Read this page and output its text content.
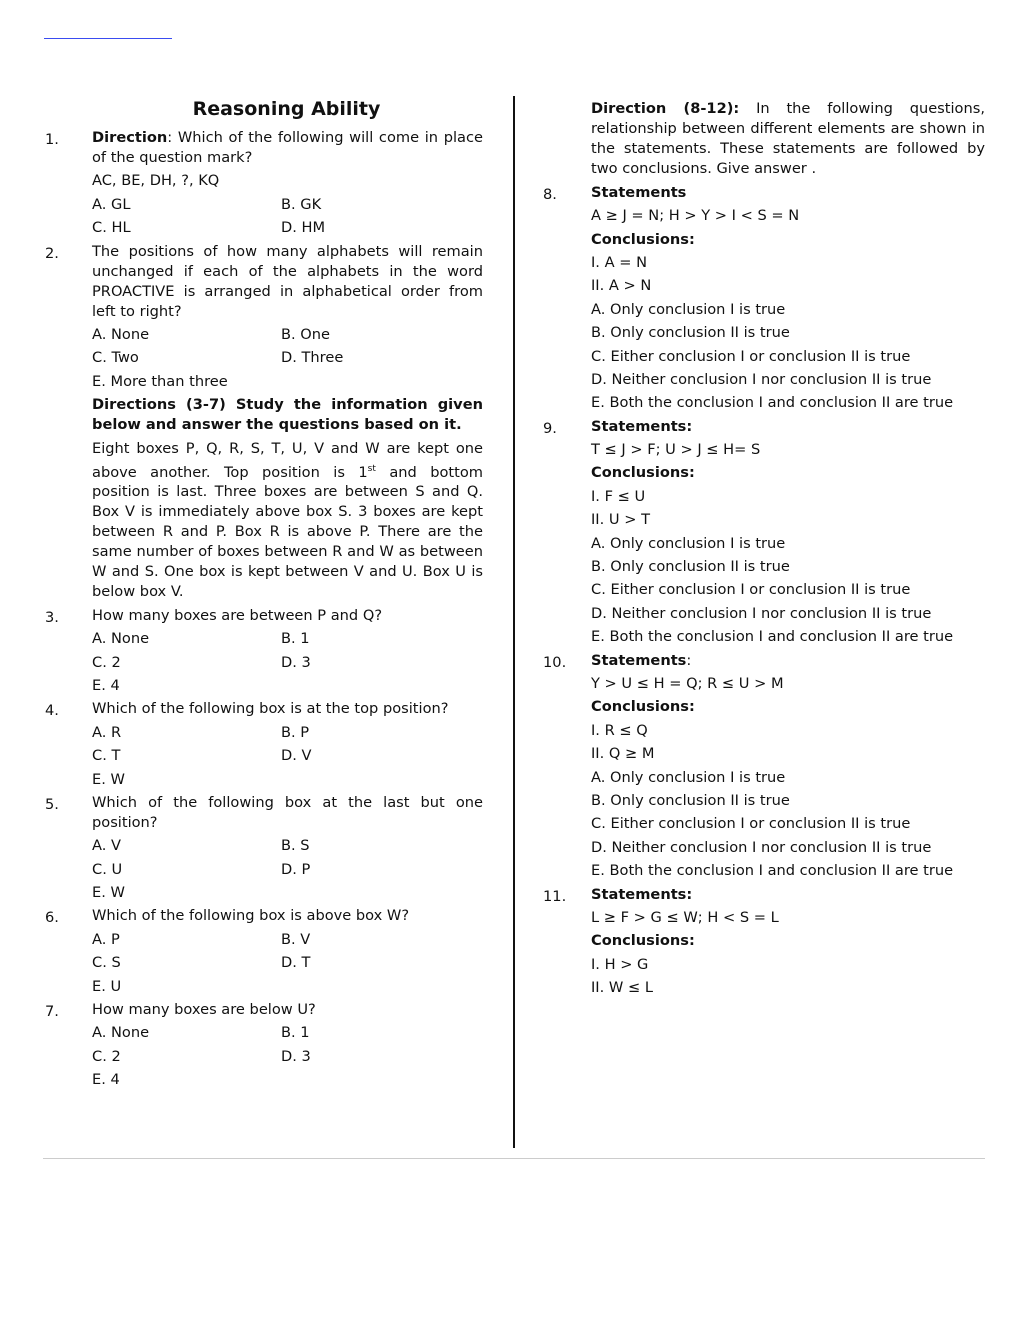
Reasoning Ability
1. Direction: Which of the following will come in place of the question mark?
AC, BE, DH, ?, KQ
A. GL	B. GK
C. HL	D. HM
2. The positions of how many alphabets will remain unchanged if each of the alphabets in the word PROACTIVE is arranged in alphabetical order from left to right?
A. None	B. One
C. Two	D. Three
E. More than three
Directions (3-7) Study the information given below and answer the questions based on it.
Eight boxes P, Q, R, S, T, U, V and W are kept one above another. Top position is 1st and bottom position is last. Three boxes are between S and Q. Box V is immediately above box S. 3 boxes are kept between R and P. Box R is above P. There are the same number of boxes between R and W as between W and S. One box is kept between V and U. Box U is below box V.
3. How many boxes are between P and Q?
A. None	B. 1
C. 2	D. 3
E. 4
4. Which of the following box is at the top position?
A. R	B. P
C. T	D. V
E. W
5. Which of the following box at the last but one position?
A. V	B. S
C. U	D. P
E. W
6. Which of the following box is above box W?
A. P	B. V
C. S	D. T
E. U
7. How many boxes are below U?
A. None	B. 1
C. 2	D. 3
E. 4
Direction (8-12): In the following questions, relationship between different elements are shown in the statements. These statements are followed by two conclusions. Give answer .
8. Statements
A ≥ J = N; H > Y > I < S = N
Conclusions:
I. A = N
II. A > N
A. Only conclusion I is true
B. Only conclusion II is true
C. Either conclusion I or conclusion II is true
D. Neither conclusion I nor conclusion II is true
E. Both the conclusion I and conclusion II are true
9. Statements:
T ≤ J > F; U > J ≤ H= S
Conclusions:
I. F ≤ U
II. U > T
A. Only conclusion I is true
B. Only conclusion II is true
C. Either conclusion I or conclusion II is true
D. Neither conclusion I nor conclusion II is true
E. Both the conclusion I and conclusion II are true
10. Statements:
Y > U ≤ H = Q; R ≤ U > M
Conclusions:
I. R ≤ Q
II. Q ≥ M
A. Only conclusion I is true
B. Only conclusion II is true
C. Either conclusion I or conclusion II is true
D. Neither conclusion I nor conclusion II is true
E. Both the conclusion I and conclusion II are true
11. Statements:
L ≥ F > G ≤ W; H < S = L
Conclusions:
I. H > G
II. W ≤ L
